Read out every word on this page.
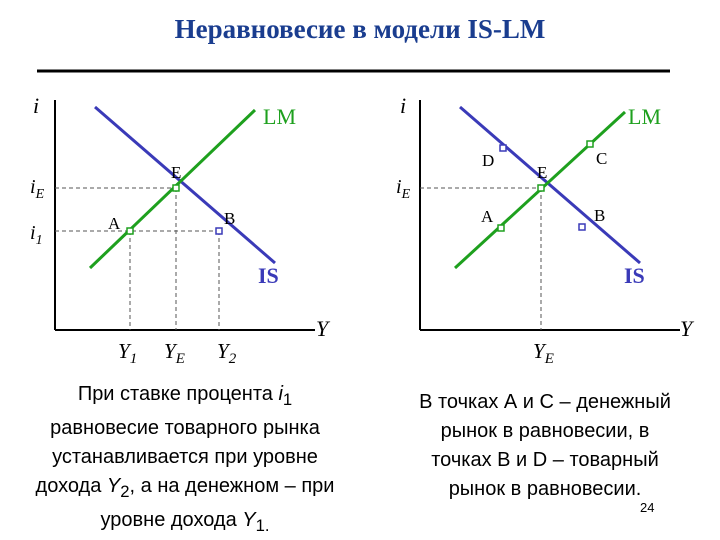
Неравновесие в модели IS-LM
i
Y
LM
IS
$i_E$
$i_1$
E
A	B
$Y_1$ $Y_E$ $Y_2$
i
Y
LM
IS
$i_E$
D
E
C
A	B
$Y_E$
При ставке процента $i_1$
равновесие товарного рынка
устанавливается при уровне
дохода $Y_2$, а на денежном – при
уровне дохода $Y_{1.}$
В точках А и С – денежный
рынок в равновесии, в
точках В и D – товарный
рынок в равновесии.
24
